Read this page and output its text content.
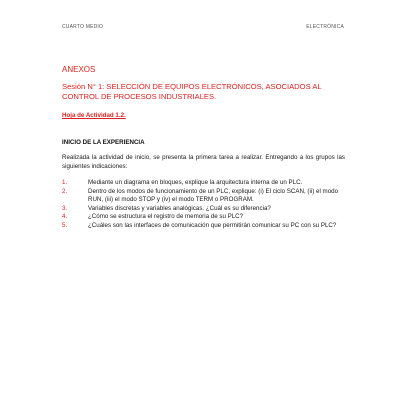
CUARTO MEDIO	ELECTRÓNICA
ANEXOS
Sesión N° 1: SELECCIÓN DE EQUIPOS ELECTRÓNICOS, ASOCIADOS AL CONTROL DE PROCESOS INDUSTRIALES.
Hoja de Actividad 1.2.
INICIO DE LA EXPERIENCIA
Realizada la actividad de inicio, se presenta la primera tarea a realizar. Entregando a los grupos las siguientes indicaciones:
1.	Mediante un diagrama en bloques, explique la arquitectura interna de un PLC.
2.	Dentro de los modos de funcionamiento de un PLC, explique: (i) El ciclo SCAN, (ii) el modo RUN, (iii) el modo STOP y (iv) el modo TERM o PROGRAM.
3.	Variables discretas y variables analógicas. ¿Cuál es su diferencia?
4.	¿Cómo se estructura el registro de memoria de su PLC?
5.	¿Cuáles son las interfaces de comunicación que permitirán comunicar su PC con su PLC?
